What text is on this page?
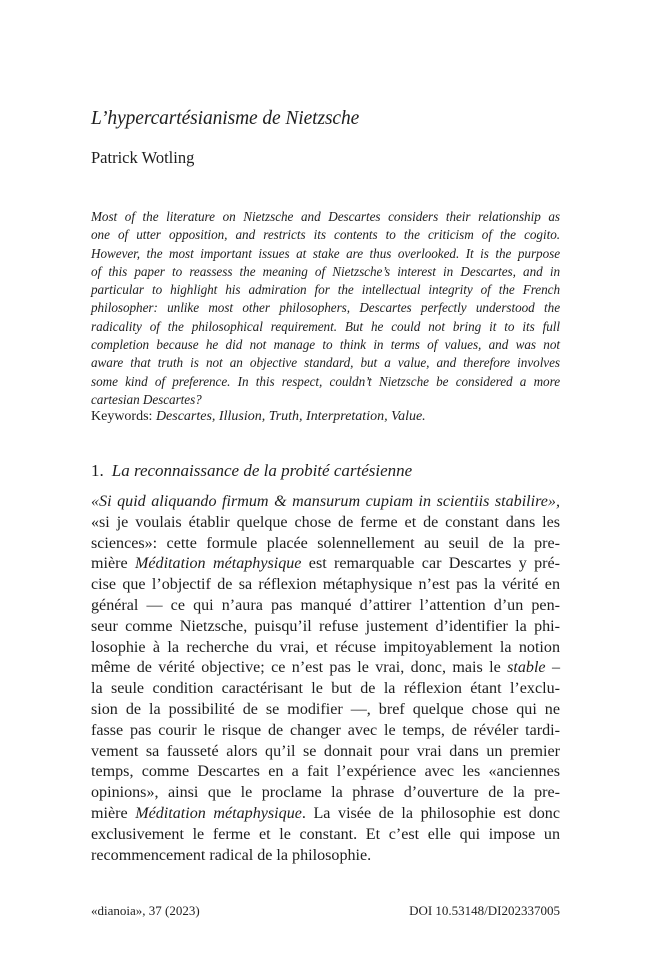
L’hypercartésianisme de Nietzsche
Patrick Wotling
Most of the literature on Nietzsche and Descartes considers their relationship as
one of utter opposition, and restricts its contents to the criticism of the cogito.
However, the most important issues at stake are thus overlooked. It is the purpose
of this paper to reassess the meaning of Nietzsche’s interest in Descartes, and in
particular to highlight his admiration for the intellectual integrity of the French
philosopher: unlike most other philosophers, Descartes perfectly understood the
radicality of the philosophical requirement. But he could not bring it to its full
completion because he did not manage to think in terms of values, and was not
aware that truth is not an objective standard, but a value, and therefore involves
some kind of preference. In this respect, couldn’t Nietzsche be considered a more
cartesian Descartes?
Keywords: Descartes, Illusion, Truth, Interpretation, Value.
1. La reconnaissance de la probité cartésienne
«Si quid aliquando firmum & mansurum cupiam in scientiis stabilire»,
«si je voulais établir quelque chose de ferme et de constant dans les
sciences»: cette formule placée solennellement au seuil de la pre-
mière Méditation métaphysique est remarquable car Descartes y pré-
cise que l’objectif de sa réflexion métaphysique n’est pas la vérité en
général — ce qui n’aura pas manqué d’attirer l’attention d’un pen-
seur comme Nietzsche, puisqu’il refuse justement d’identifier la phi-
losophie à la recherche du vrai, et récuse impitoyablement la notion
même de vérité objective; ce n’est pas le vrai, donc, mais le stable –
la seule condition caractérisant le but de la réflexion étant l’exclu-
sion de la possibilité de se modifier —, bref quelque chose qui ne
fasse pas courir le risque de changer avec le temps, de révéler tardi-
vement sa fausseté alors qu’il se donnait pour vrai dans un premier
temps, comme Descartes en a fait l’expérience avec les «anciennes
opinions», ainsi que le proclame la phrase d’ouverture de la pre-
mière Méditation métaphysique. La visée de la philosophie est donc
exclusivement le ferme et le constant. Et c’est elle qui impose un
recommencement radical de la philosophie.
«dianoia», 37 (2023)	DOI 10.53148/DI202337005
